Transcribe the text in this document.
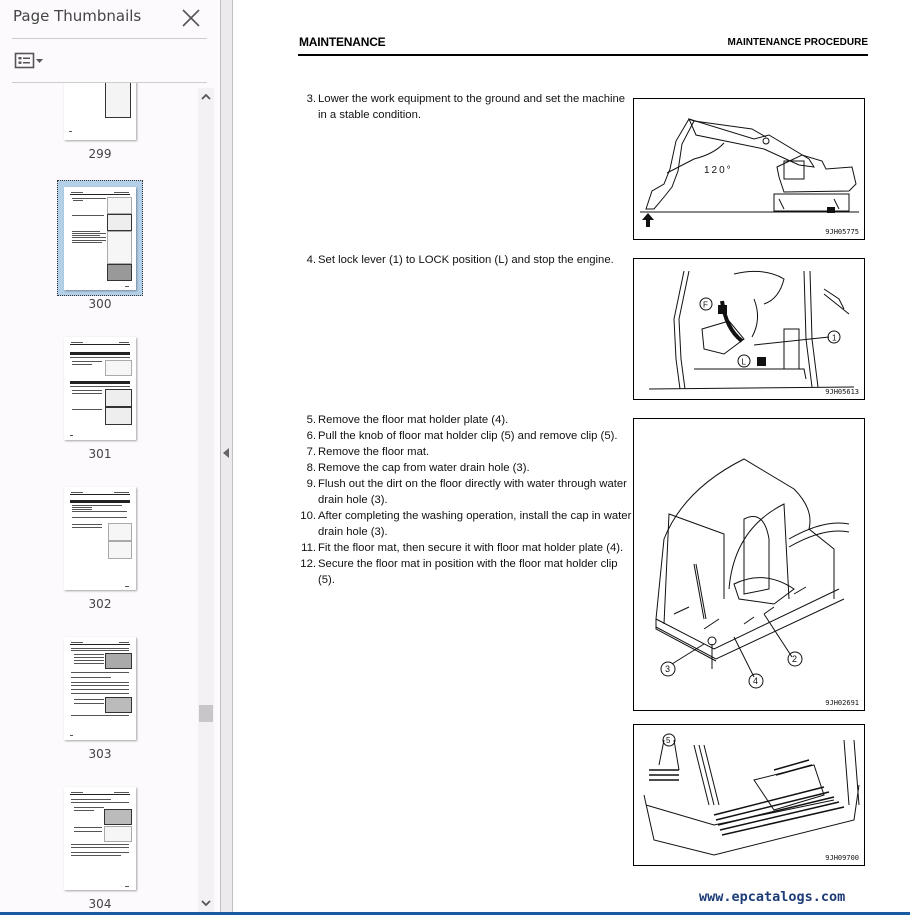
Page Thumbnails
299
300
301
302
303
304
MAINTENANCE	MAINTENANCE PROCEDURE
3. Lower the work equipment to the ground and set the machine in a stable condition.
4. Set lock lever (1) to LOCK position (L) and stop the engine.
5. Remove the floor mat holder plate (4).
6. Pull the knob of floor mat holder clip (5) and remove clip (5).
7. Remove the floor mat.
8. Remove the cap from water drain hole (3).
9. Flush out the dirt on the floor directly with water through water drain hole (3).
10. After completing the washing operation, install the cap in water drain hole (3).
11. Fit the floor mat, then secure it with floor mat holder plate (4).
12. Secure the floor mat in position with the floor mat holder clip (5).
120°
9JH05775
F
L
1
9JH05613
3
4
2
9JH02691
5
9JH09700
www.epcatalogs.com
